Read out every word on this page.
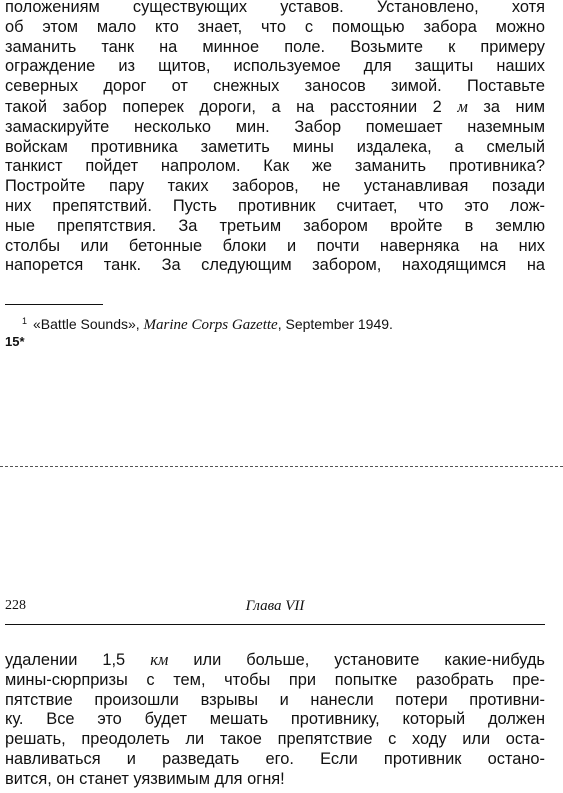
положениям существующих уставов. Установлено, хотя
об этом мало кто знает, что с помощью забора можно
заманить танк на минное поле. Возьмите к примеру
ограждение из щитов, используемое для защиты наших
северных дорог от снежных заносов зимой. Поставьте
такой забор поперек дороги, а на расстоянии 2 м за ним
замаскируйте несколько мин. Забор помешает наземным
войскам противника заметить мины издалека, а смелый
танкист пойдет напролом. Как же заманить противника?
Постройте пару таких заборов, не устанавливая позади
них препятствий. Пусть противник считает, что это лож-
ные препятствия. За третьим забором вройте в землю
столбы или бетонные блоки и почти наверняка на них
напорется танк. За следующим забором, находящимся на
$^1$ «Battle Sounds», Marine Corps Gazette, September 1949.
15*
228	Глава VII
удалении 1,5 км или больше, установите какие-нибудь
мины-сюрпризы с тем, чтобы при попытке разобрать пре-
пятствие произошли взрывы и нанесли потери противни-
ку. Все это будет мешать противнику, который должен
решать, преодолеть ли такое препятствие с ходу или оста-
навливаться и разведать его. Если противник остано-
вится, он станет уязвимым для огня!
